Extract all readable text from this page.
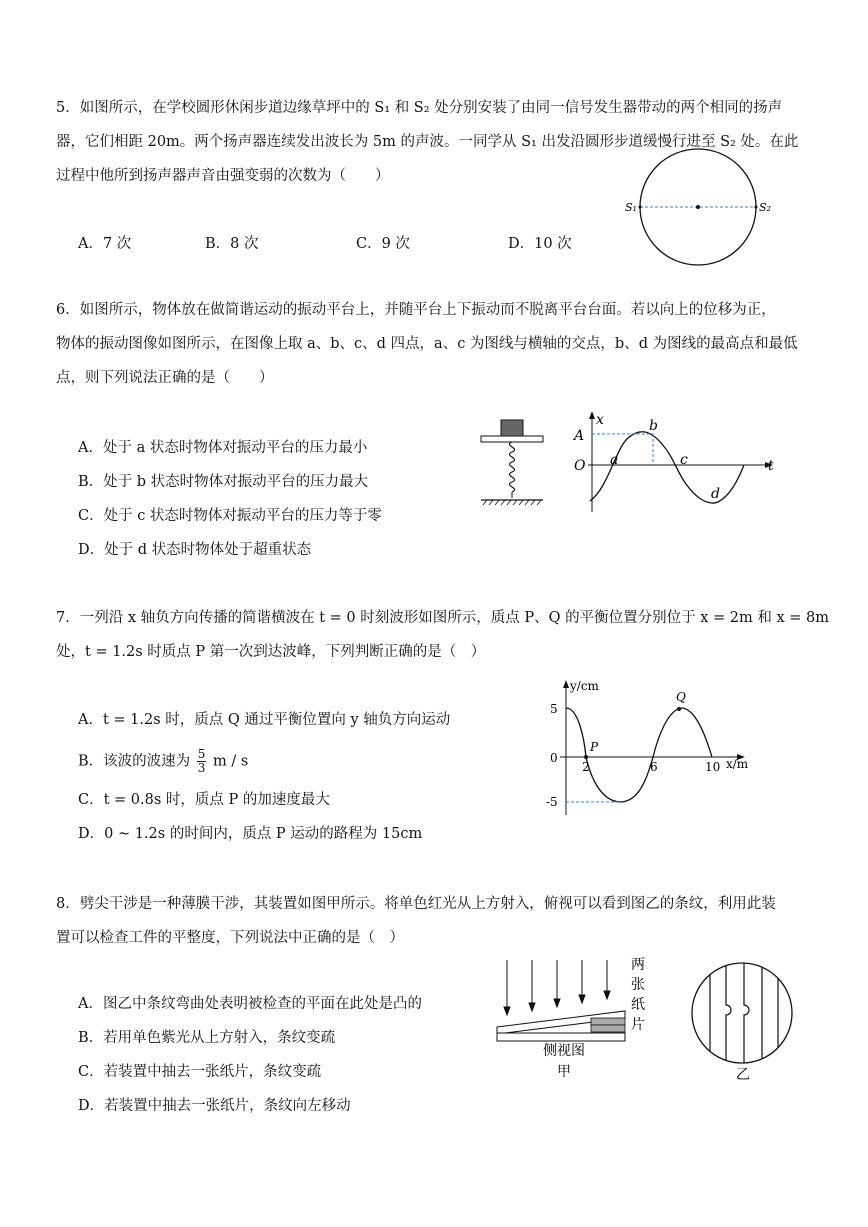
5．如图所示，在学校圆形休闲步道边缘草坪中的 S₁ 和 S₂ 处分别安装了由同一信号发生器带动的两个相同的扬声
器，它们相距 20m。两个扬声器连续发出波长为 5m 的声波。一同学从 S₁ 出发沿圆形步道缓慢行进至 S₂ 处。在此
过程中他所到扬声器声音由强变弱的次数为（　　）
A．7 次	B．8 次	C．9 次	D．10 次
S₁	S₂
6．如图所示，物体放在做简谐运动的振动平台上，并随平台上下振动而不脱离平台台面。若以向上的位移为正，
物体的振动图像如图所示，在图像上取 a、b、c、d 四点，a、c 为图线与横轴的交点，b、d 为图线的最高点和最低
点，则下列说法正确的是（　　）
A．处于 a 状态时物体对振动平台的压力最小
B．处于 b 状态时物体对振动平台的压力最大
C．处于 c 状态时物体对振动平台的压力等于零
D．处于 d 状态时物体处于超重状态
x
t
A
O a
b
c
d
7．一列沿 x 轴负方向传播的简谐横波在 t = 0 时刻波形如图所示，质点 P、Q 的平衡位置分别位于 x = 2m 和 x = 8m
处，t = 1.2s 时质点 P 第一次到达波峰，下列判断正确的是（　）
A．t = 1.2s 时，质点 Q 通过平衡位置向 y 轴负方向运动
B．该波的波速为 $\frac{5}{3}$ m / s
C．t = 0.8s 时，质点 P 的加速度最大
D．0 ~ 1.2s 的时间内，质点 P 运动的路程为 15cm
y/cm
x/m
5
0
-5
2	6	10
P
Q
8．劈尖干涉是一种薄膜干涉，其装置如图甲所示。将单色红光从上方射入，俯视可以看到图乙的条纹，利用此装
置可以检查工件的平整度，下列说法中正确的是（　）
A．图乙中条纹弯曲处表明被检查的平面在此处是凸的
B．若用单色紫光从上方射入，条纹变疏
C．若装置中抽去一张纸片，条纹变疏
D．若装置中抽去一张纸片，条纹向左移动
两
张
纸
片
侧视图
甲	乙
